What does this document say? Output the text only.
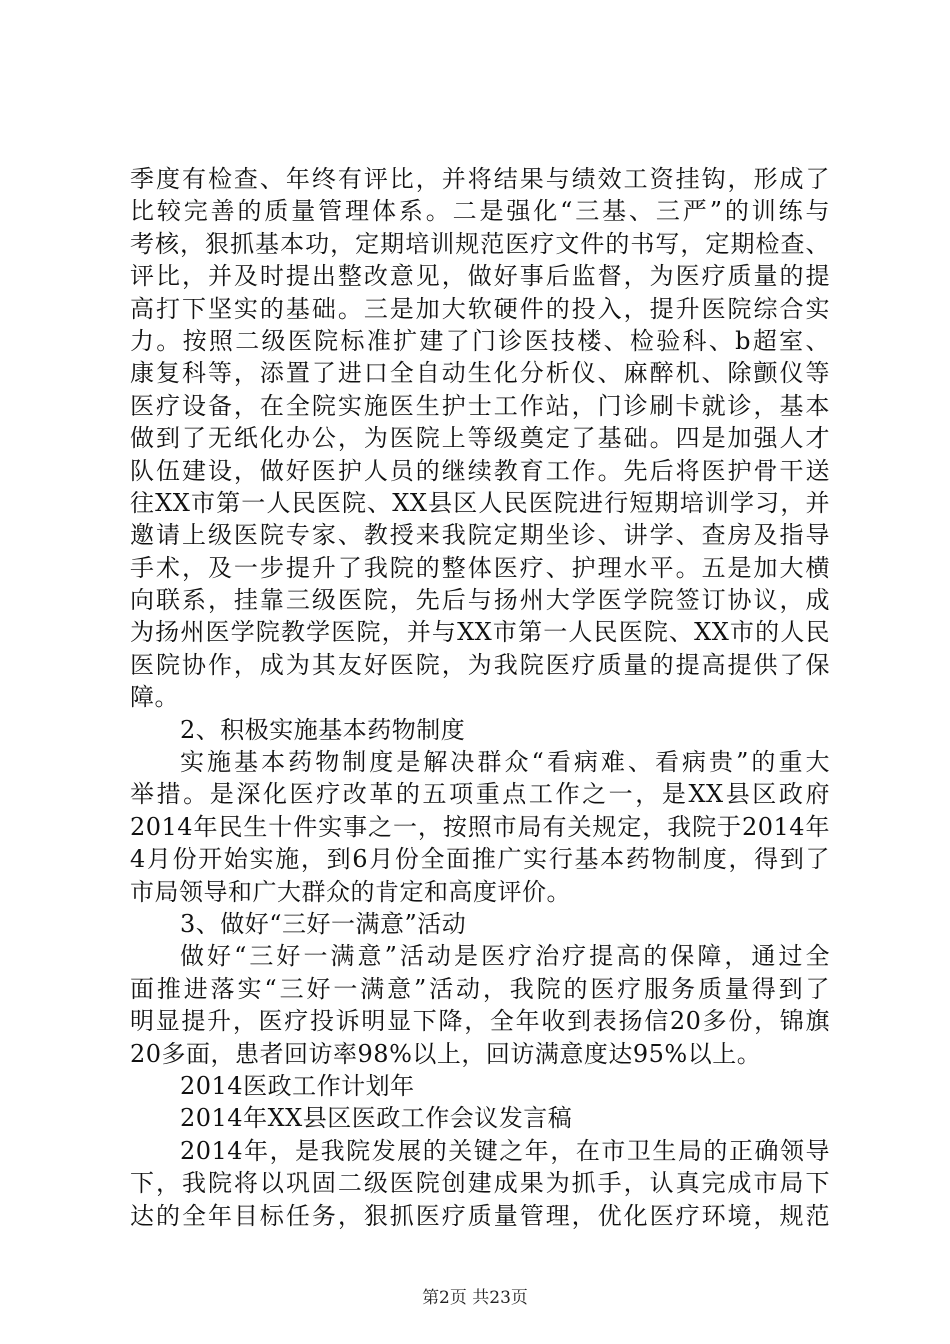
季度有检查、年终有评比，并将结果与绩效工资挂钩，形成了
比较完善的质量管理体系。二是强化“三基、三严”的训练与
考核，狠抓基本功，定期培训规范医疗文件的书写，定期检查、
评比，并及时提出整改意见，做好事后监督，为医疗质量的提
高打下坚实的基础。三是加大软硬件的投入，提升医院综合实
力。按照二级医院标准扩建了门诊医技楼、检验科、b超室、
康复科等，添置了进口全自动生化分析仪、麻醉机、除颤仪等
医疗设备，在全院实施医生护士工作站，门诊刷卡就诊，基本
做到了无纸化办公，为医院上等级奠定了基础。四是加强人才
队伍建设，做好医护人员的继续教育工作。先后将医护骨干送
往XX市第一人民医院、XX县区人民医院进行短期培训学习，并
邀请上级医院专家、教授来我院定期坐诊、讲学、查房及指导
手术，及一步提升了我院的整体医疗、护理水平。五是加大横
向联系，挂靠三级医院，先后与扬州大学医学院签订协议，成
为扬州医学院教学医院，并与XX市第一人民医院、XX市的人民
医院协作，成为其友好医院，为我院医疗质量的提高提供了保
障。
2、积极实施基本药物制度
实施基本药物制度是解决群众“看病难、看病贵”的重大
举措。是深化医疗改革的五项重点工作之一，是XX县区政府
2014年民生十件实事之一，按照市局有关规定，我院于2014年
4月份开始实施，到6月份全面推广实行基本药物制度，得到了
市局领导和广大群众的肯定和高度评价。
3、做好“三好一满意”活动
做好“三好一满意”活动是医疗治疗提高的保障，通过全
面推进落实“三好一满意”活动，我院的医疗服务质量得到了
明显提升，医疗投诉明显下降，全年收到表扬信20多份，锦旗
20多面，患者回访率98%以上，回访满意度达95%以上。
2014医政工作计划年
2014年XX县区医政工作会议发言稿
2014年，是我院发展的关键之年，在市卫生局的正确领导
下，我院将以巩固二级医院创建成果为抓手，认真完成市局下
达的全年目标任务，狠抓医疗质量管理，优化医疗环境，规范
第2页 共23页
